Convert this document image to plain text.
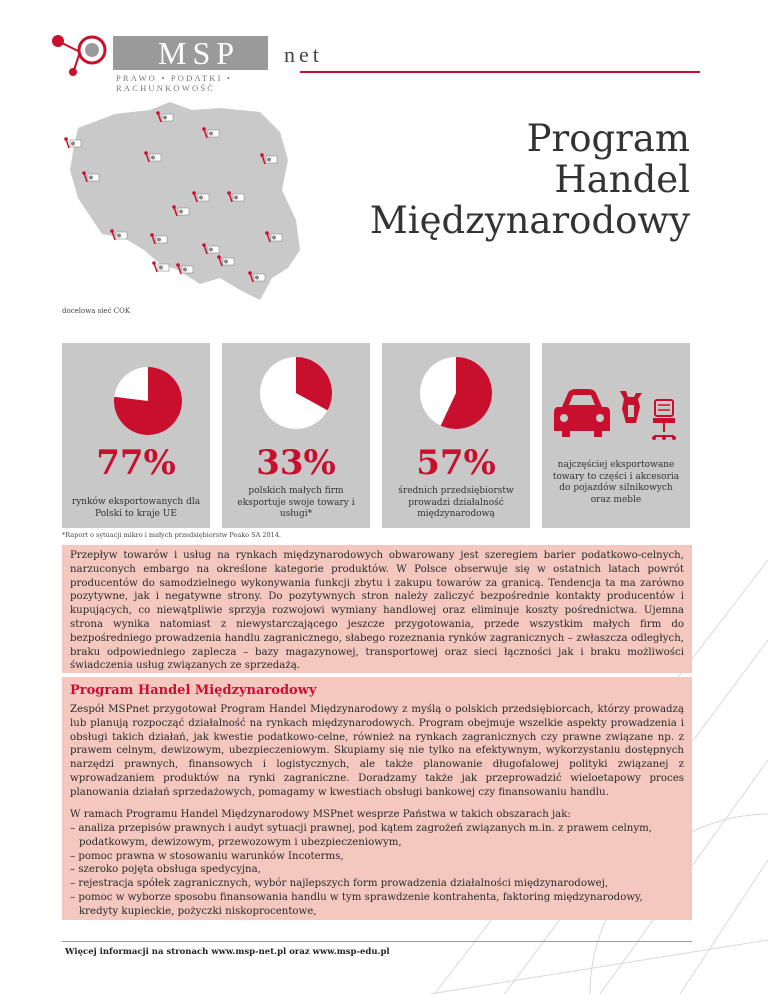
MSP net
PRAWO • PODATKI • RACHUNKOWOŚĆ
docelowa sieć COK
Program
Handel
Międzynarodowy
77%
rynków eksportowanych dla Polski to kraje UE
33%
polskich małych firm eksportuje swoje towary i usługi*
57%
średnich przedsiębiorstw prowadzi działalność międzynarodową
najczęściej eksportowane towary to części i akcesoria do pojazdów silnikowych oraz meble
*Raport o sytuacji mikro i małych przedsiębiorstw Peako SA 2014.
Przepływ towarów i usług na rynkach międzynarodowych obwarowany jest szeregiem barier podatkowo-celnych, narzuconych embargo na określone kategorie produktów. W Polsce obserwuje się w ostatnich latach powrót producentów do samodzielnego wykonywania funkcji zbytu i zakupu towarów za granicą. Tendencja ta ma zarówno pozytywne, jak i negatywne strony. Do pozytywnych stron należy zaliczyć bezpośrednie kontakty producentów i kupujących, co niewątpliwie sprzyja rozwojowi wymiany handlowej oraz eliminuje koszty pośrednictwa. Ujemna strona wynika natomiast z niewystarczającego jeszcze przygotowania, przede wszystkim małych firm do bezpośredniego prowadzenia handlu zagranicznego, słabego rozeznania rynków zagranicznych – zwłaszcza odległych, braku odpowiedniego zaplecza – bazy magazynowej, transportowej oraz sieci łączności jak i braku możliwości świadczenia usług związanych ze sprzedażą.
Program Handel Międzynarodowy
Zespół MSPnet przygotował Program Handel Międzynarodowy z myślą o polskich przedsiębiorcach, którzy prowadzą lub planują rozpocząć działalność na rynkach międzynarodowych. Program obejmuje wszelkie aspekty prowadzenia i obsługi takich działań, jak kwestie podatkowo-celne, również na rynkach zagranicznych czy prawne związane np. z prawem celnym, dewizowym, ubezpieczeniowym. Skupiamy się nie tylko na efektywnym, wykorzystaniu dostępnych narzędzi prawnych, finansowych i logistycznych, ale także planowanie długofalowej polityki związanej z wprowadzaniem produktów na rynki zagraniczne. Doradzamy także jak przeprowadzić wieloetapowy proces planowania działań sprzedażowych, pomagamy w kwestiach obsługi bankowej czy finansowaniu handlu.
W ramach Programu Handel Międzynarodowy MSPnet wesprze Państwa w takich obszarach jak:
– analiza przepisów prawnych i audyt sytuacji prawnej, pod kątem zagrożeń związanych m.in. z prawem celnym, podatkowym, dewizowym, przewozowym i ubezpieczeniowym,
– pomoc prawna w stosowaniu warunków Incoterms,
– szeroko pojęta obsługa spedycyjna,
– rejestracja spółek zagranicznych, wybór najlepszych form prowadzenia działalności międzynarodowej,
– pomoc w wyborze sposobu finansowania handlu w tym sprawdzenie kontrahenta, faktoring międzynarodowy, kredyty kupieckie, pożyczki niskoprocentowe,
Więcej informacji na stronach www.msp-net.pl oraz www.msp-edu.pl
